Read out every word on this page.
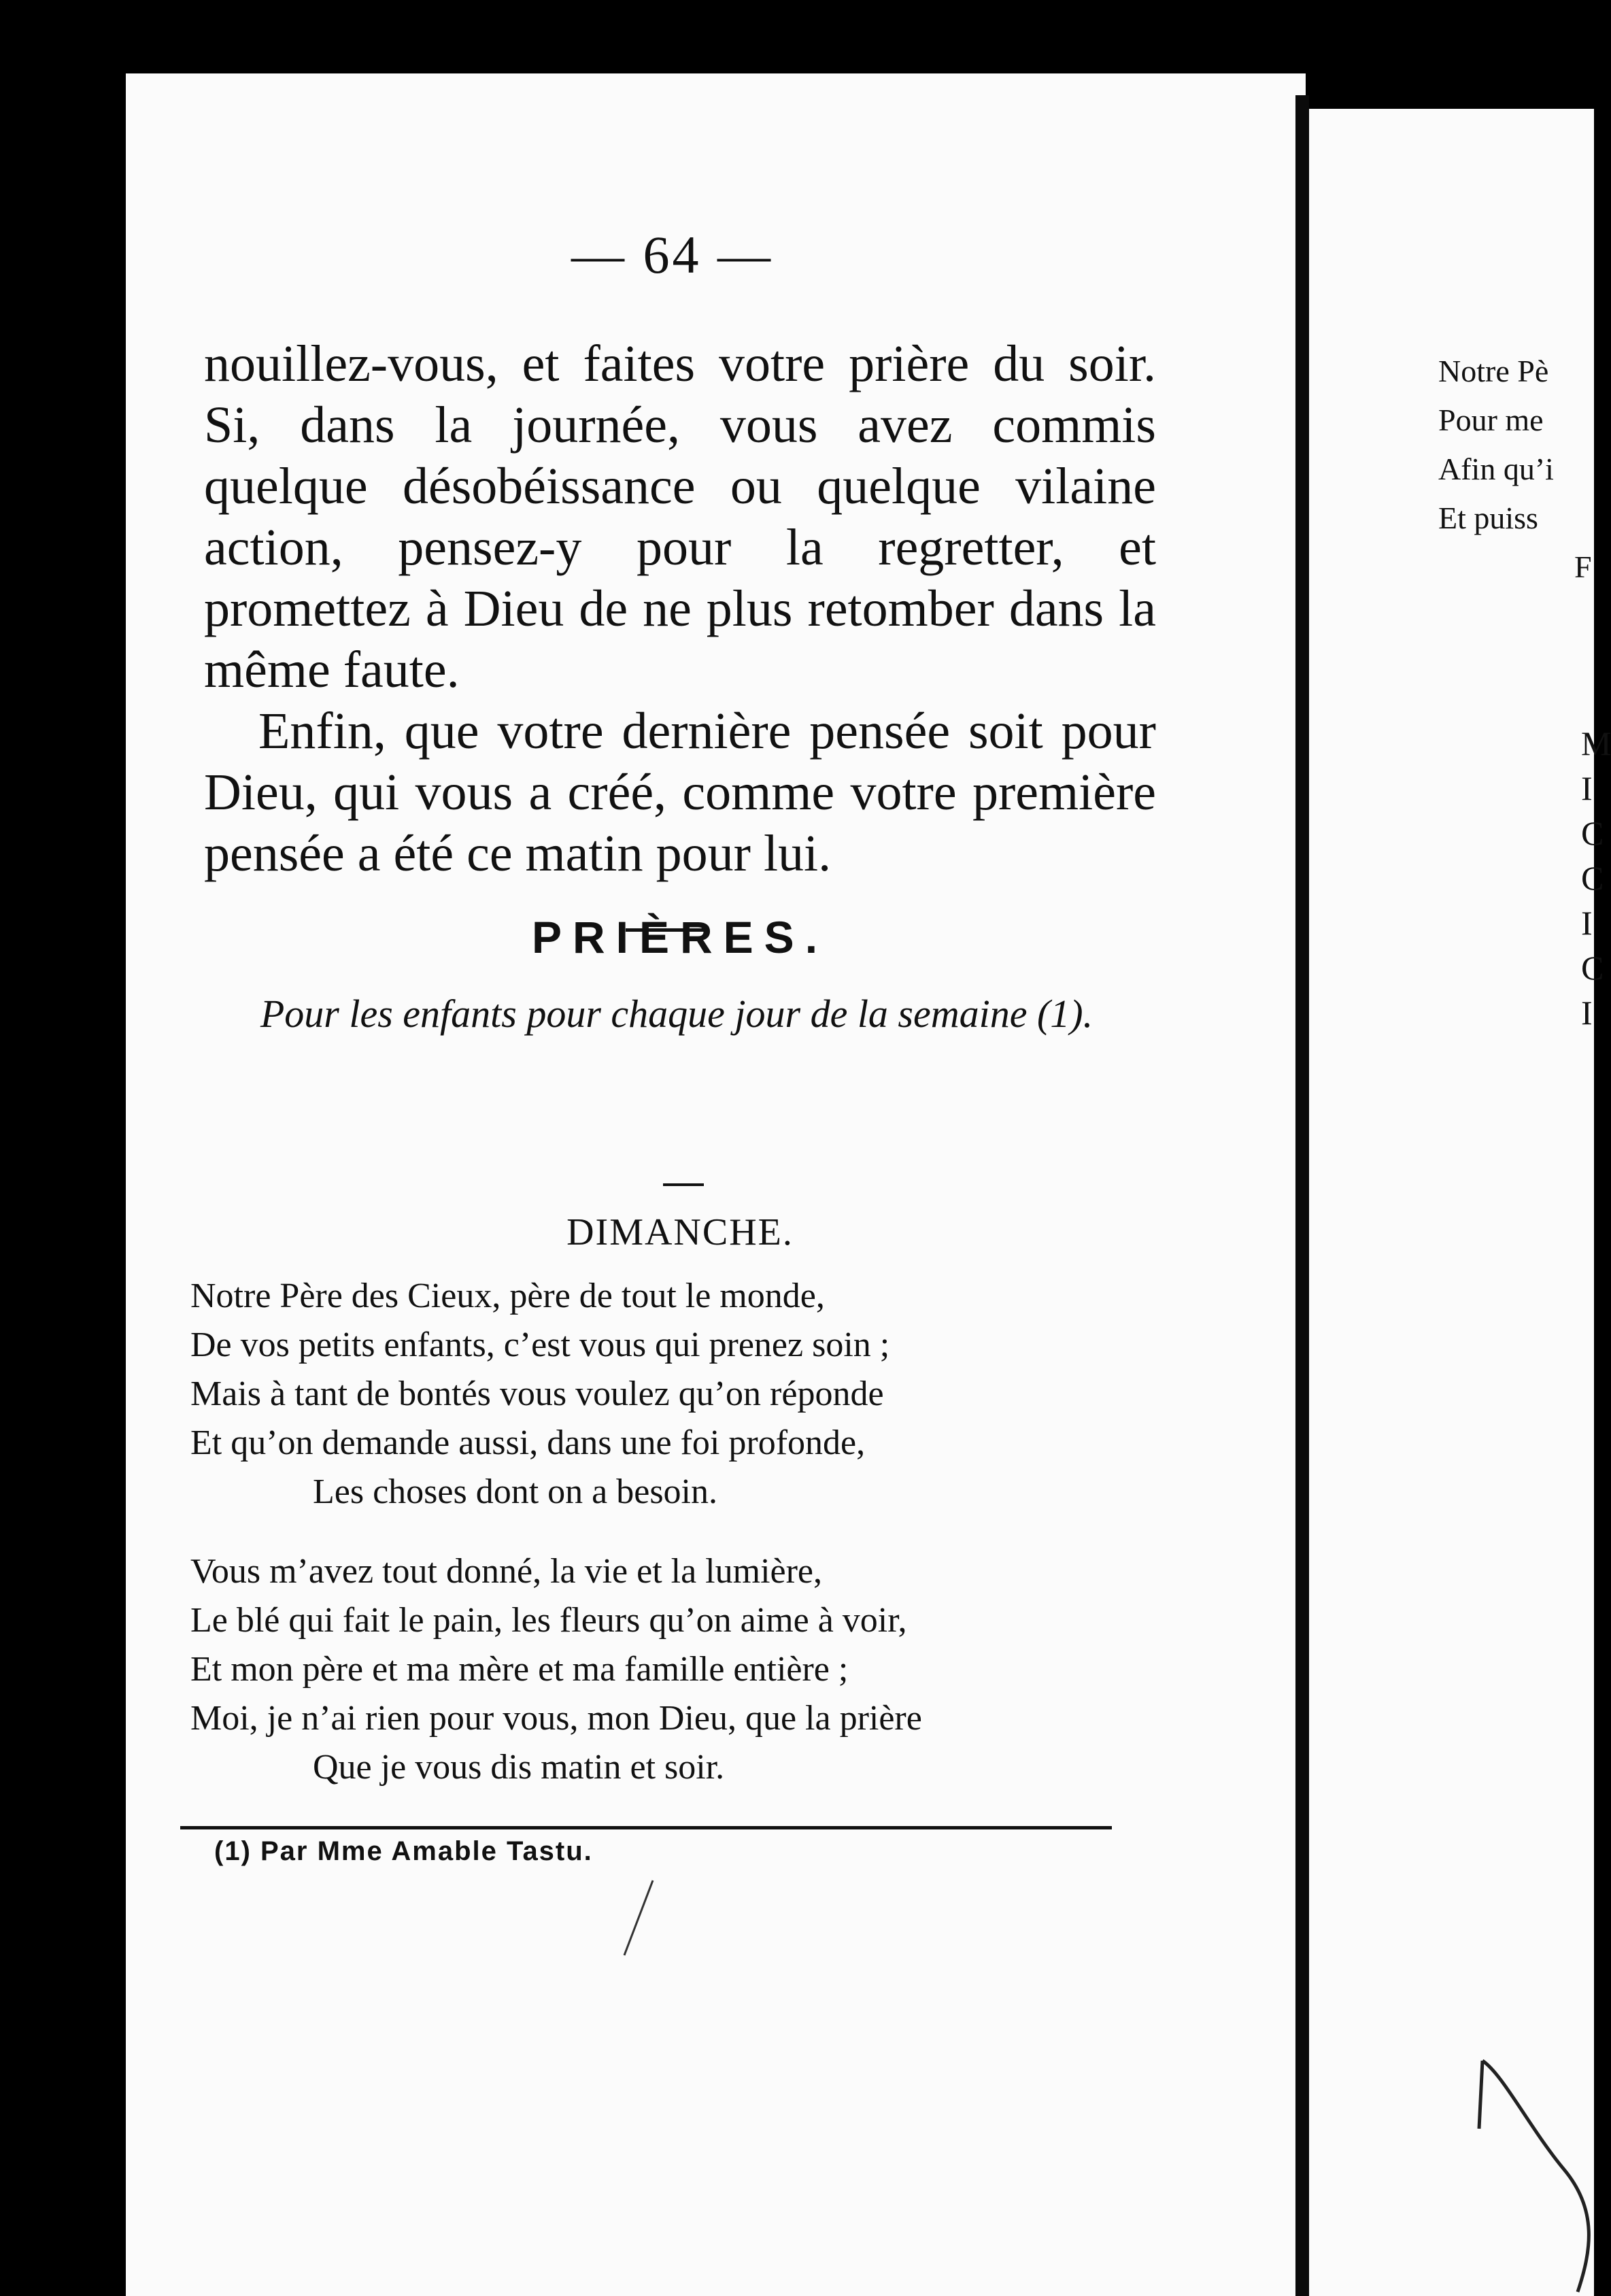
— 64 —

nouillez-vous, et faites votre prière du soir. Si, dans la journée, vous avez commis quelque désobéissance ou quelque vilaine action, pensez-y pour la regretter, et promettez à Dieu de ne plus retomber dans la même faute.

Enfin, que votre dernière pensée soit pour Dieu, qui vous a créé, comme votre première pensée a été ce matin pour lui.

PRIÈRES.
Pour les enfants pour chaque jour de la semaine (1).
DIMANCHE.
Notre Père des Cieux, père de tout le monde,
De vos petits enfants, c’est vous qui prenez soin ;
Mais à tant de bontés vous voulez qu’on réponde
Et qu’on demande aussi, dans une foi profonde,
Les choses dont on a besoin.
Vous m’avez tout donné, la vie et la lumière,
Le blé qui fait le pain, les fleurs qu’on aime à voir,
Et mon père et ma mère et ma famille entière ;
Moi, je n’ai rien pour vous, mon Dieu, que la prière
Que je vous dis matin et soir.
(1) Par Mme Amable Tastu.
Notre Pè
Pour me
Afin qu’i
Et puiss
F
M
I
C
C
I
C
I
